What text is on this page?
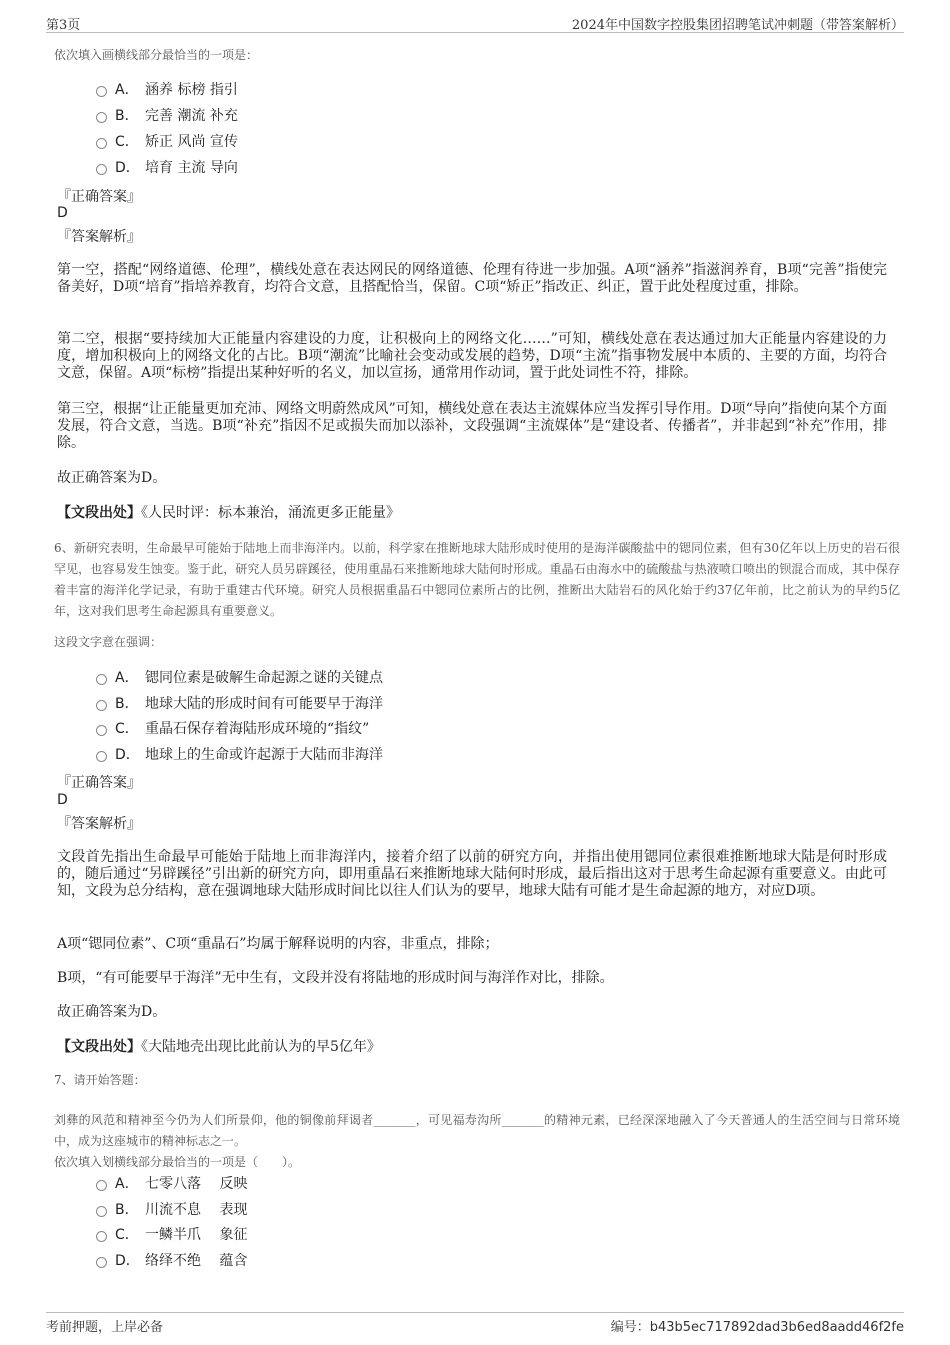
第3页	2024年中国数字控股集团招聘笔试冲刺题（带答案解析）
依次填入画横线部分最恰当的一项是：
A． 涵养 标榜 指引
B． 完善 潮流 补充
C． 矫正 风尚 宣传
D． 培育 主流 导向
『正确答案』
D
『答案解析』
第一空，搭配“网络道德、伦理”，横线处意在表达网民的网络道德、伦理有待进一步加强。A项“涵养”指滋润养育，B项“完善”指使完备美好，D项“培育”指培养教育，均符合文意，且搭配恰当，保留。C项“矫正”指改正、纠正，置于此处程度过重，排除。
第二空，根据“要持续加大正能量内容建设的力度，让积极向上的网络文化……”可知，横线处意在表达通过加大正能量内容建设的力度，增加积极向上的网络文化的占比。B项“潮流”比喻社会变动或发展的趋势，D项“主流”指事物发展中本质的、主要的方面，均符合文意，保留。A项“标榜”指提出某种好听的名义，加以宣扬，通常用作动词，置于此处词性不符，排除。
第三空，根据“让正能量更加充沛、网络文明蔚然成风”可知，横线处意在表达主流媒体应当发挥引导作用。D项“导向”指使向某个方面发展，符合文意，当选。B项“补充”指因不足或损失而加以添补，文段强调“主流媒体”是“建设者、传播者”，并非起到“补充”作用，排除。
故正确答案为D。
【文段出处】《人民时评：标本兼治，涌流更多正能量》
6、新研究表明，生命最早可能始于陆地上而非海洋内。以前，科学家在推断地球大陆形成时使用的是海洋碳酸盐中的锶同位素，但有30亿年以上历史的岩石很罕见，也容易发生蚀变。鉴于此，研究人员另辟蹊径，使用重晶石来推断地球大陆何时形成。重晶石由海水中的硫酸盐与热液喷口喷出的钡混合而成，其中保存着丰富的海洋化学记录，有助于重建古代环境。研究人员根据重晶石中锶同位素所占的比例，推断出大陆岩石的风化始于约37亿年前，比之前认为的早约5亿年，这对我们思考生命起源具有重要意义。
这段文字意在强调：
A． 锶同位素是破解生命起源之谜的关键点
B． 地球大陆的形成时间有可能要早于海洋
C． 重晶石保存着海陆形成环境的“指纹”
D． 地球上的生命或许起源于大陆而非海洋
『正确答案』
D
『答案解析』
文段首先指出生命最早可能始于陆地上而非海洋内，接着介绍了以前的研究方向，并指出使用锶同位素很难推断地球大陆是何时形成的，随后通过“另辟蹊径”引出新的研究方向，即用重晶石来推断地球大陆何时形成，最后指出这对于思考生命起源有重要意义。由此可知，文段为总分结构，意在强调地球大陆形成时间比以往人们认为的要早，地球大陆有可能才是生命起源的地方，对应D项。
A项“锶同位素”、C项“重晶石”均属于解释说明的内容，非重点，排除；
B项，“有可能要早于海洋”无中生有，文段并没有将陆地的形成时间与海洋作对比，排除。
故正确答案为D。
【文段出处】《大陆地壳出现比此前认为的早5亿年》
7、请开始答题：
刘彝的风范和精神至今仍为人们所景仰，他的铜像前拜谒者_______，可见福寿沟所_______的精神元素，已经深深地融入了今天普通人的生活空间与日常环境中，成为这座城市的精神标志之一。
依次填入划横线部分最恰当的一项是（　　）。
A． 七零八落　 反映
B． 川流不息　 表现
C． 一鳞半爪　 象征
D． 络绎不绝　 蕴含
考前押题，上岸必备	编号：b43b5ec717892dad3b6ed8aadd46f2fe
